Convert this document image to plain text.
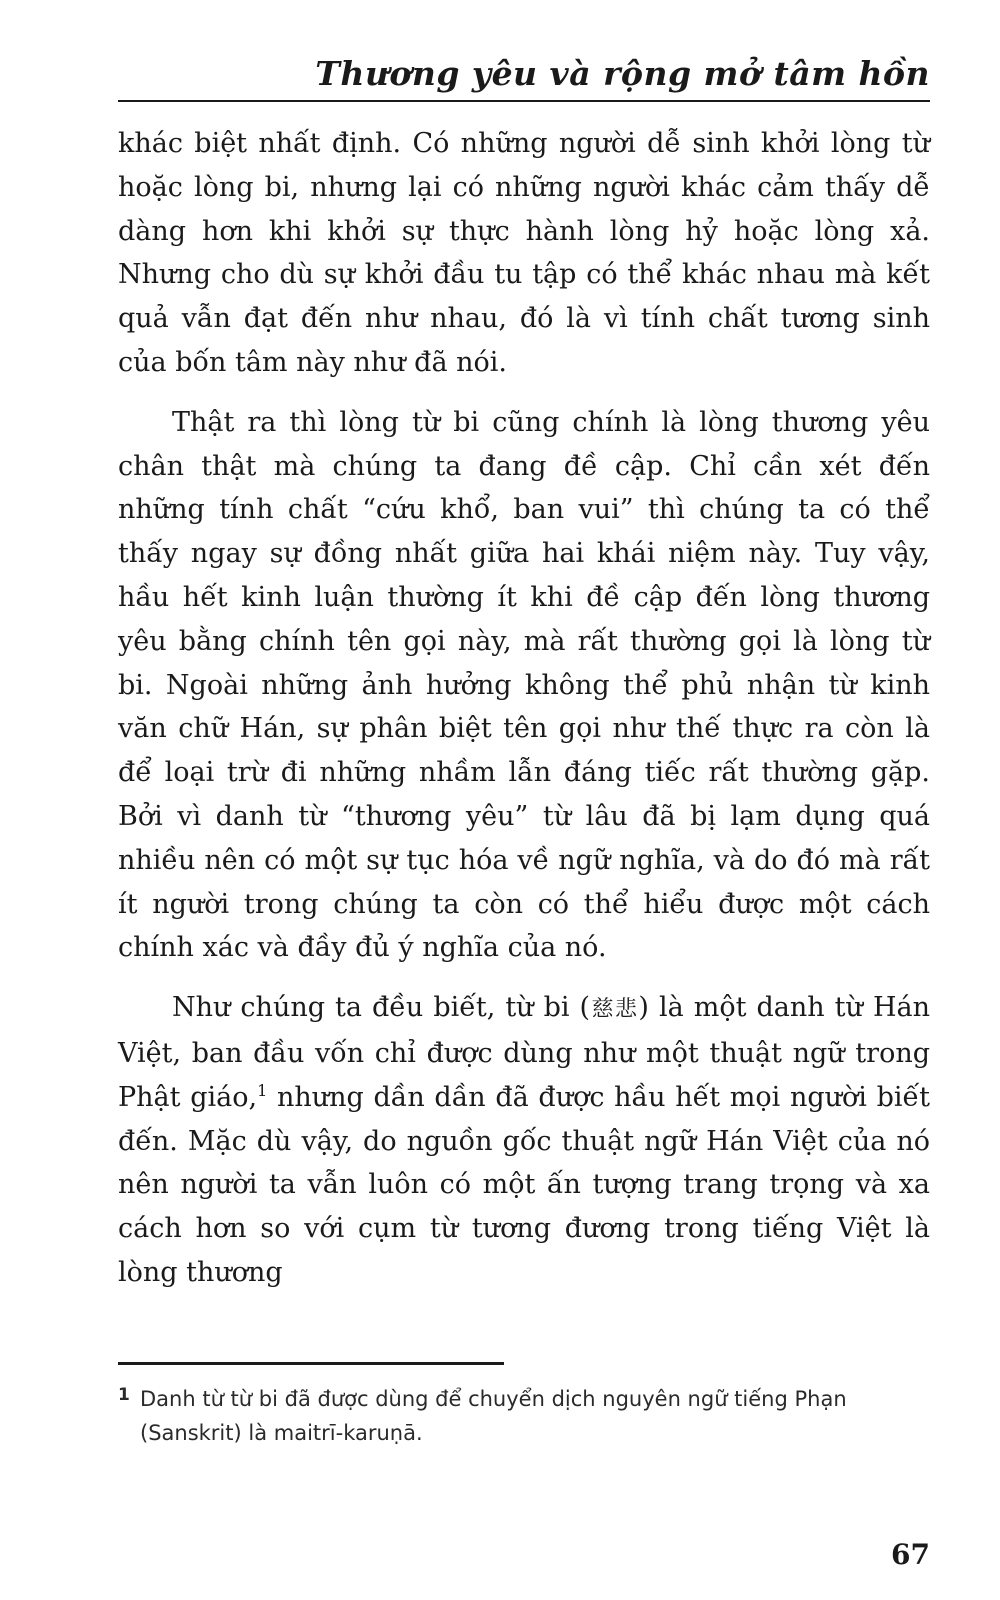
Thương yêu và rộng mở tâm hồn

khác biệt nhất định. Có những người dễ sinh khởi lòng từ hoặc lòng bi, nhưng lại có những người khác cảm thấy dễ dàng hơn khi khởi sự thực hành lòng hỷ hoặc lòng xả. Nhưng cho dù sự khởi đầu tu tập có thể khác nhau mà kết quả vẫn đạt đến như nhau, đó là vì tính chất tương sinh của bốn tâm này như đã nói.

Thật ra thì lòng từ bi cũng chính là lòng thương yêu chân thật mà chúng ta đang đề cập. Chỉ cần xét đến những tính chất “cứu khổ, ban vui” thì chúng ta có thể thấy ngay sự đồng nhất giữa hai khái niệm này. Tuy vậy, hầu hết kinh luận thường ít khi đề cập đến lòng thương yêu bằng chính tên gọi này, mà rất thường gọi là lòng từ bi. Ngoài những ảnh hưởng không thể phủ nhận từ kinh văn chữ Hán, sự phân biệt tên gọi như thế thực ra còn là để loại trừ đi những nhầm lẫn đáng tiếc rất thường gặp. Bởi vì danh từ “thương yêu” từ lâu đã bị lạm dụng quá nhiều nên có một sự tục hóa về ngữ nghĩa, và do đó mà rất ít người trong chúng ta còn có thể hiểu được một cách chính xác và đầy đủ ý nghĩa của nó.

Như chúng ta đều biết, từ bi (慈悲) là một danh từ Hán Việt, ban đầu vốn chỉ được dùng như một thuật ngữ trong Phật giáo,$^1$ nhưng dần dần đã được hầu hết mọi người biết đến. Mặc dù vậy, do nguồn gốc thuật ngữ Hán Việt của nó nên người ta vẫn luôn có một ấn tượng trang trọng và xa cách hơn so với cụm từ tương đương trong tiếng Việt là lòng thương

1 Danh từ từ bi đã được dùng để chuyển dịch nguyên ngữ tiếng Phạn (Sanskrit) là maitrī-karuṇā.
67
